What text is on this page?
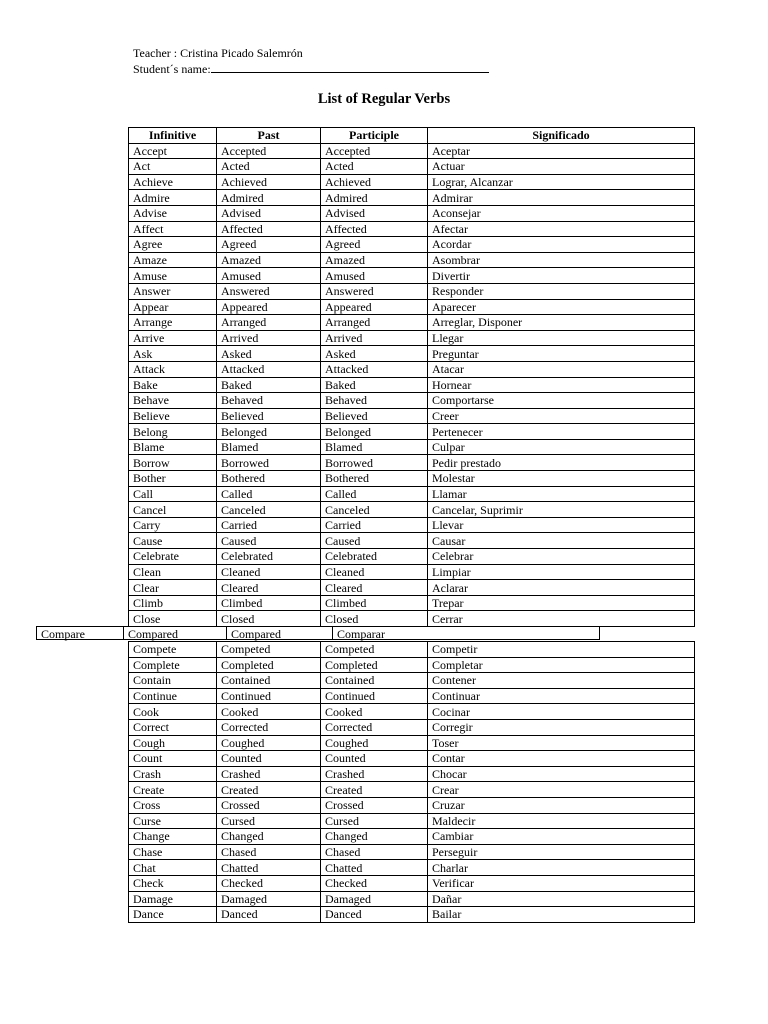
Teacher : Cristina Picado Salemrón
Student´s name:
List of Regular Verbs
Infinitive	Past	Participle	Significado
Accept	Accepted	Accepted	Aceptar
Act	Acted	Acted	Actuar
Achieve	Achieved	Achieved	Lograr, Alcanzar
Admire	Admired	Admired	Admirar
Advise	Advised	Advised	Aconsejar
Affect	Affected	Affected	Afectar
Agree	Agreed	Agreed	Acordar
Amaze	Amazed	Amazed	Asombrar
Amuse	Amused	Amused	Divertir
Answer	Answered	Answered	Responder
Appear	Appeared	Appeared	Aparecer
Arrange	Arranged	Arranged	Arreglar, Disponer
Arrive	Arrived	Arrived	Llegar
Ask	Asked	Asked	Preguntar
Attack	Attacked	Attacked	Atacar
Bake	Baked	Baked	Hornear
Behave	Behaved	Behaved	Comportarse
Believe	Believed	Believed	Creer
Belong	Belonged	Belonged	Pertenecer
Blame	Blamed	Blamed	Culpar
Borrow	Borrowed	Borrowed	Pedir prestado
Bother	Bothered	Bothered	Molestar
Call	Called	Called	Llamar
Cancel	Canceled	Canceled	Cancelar, Suprimir
Carry	Carried	Carried	Llevar
Cause	Caused	Caused	Causar
Celebrate	Celebrated	Celebrated	Celebrar
Clean	Cleaned	Cleaned	Limpiar
Clear	Cleared	Cleared	Aclarar
Climb	Climbed	Climbed	Trepar
Close	Closed	Closed	Cerrar
Compare	Compared	Compared	Comparar
Compete	Competed	Competed	Competir
Complete	Completed	Completed	Completar
Contain	Contained	Contained	Contener
Continue	Continued	Continued	Continuar
Cook	Cooked	Cooked	Cocinar
Correct	Corrected	Corrected	Corregir
Cough	Coughed	Coughed	Toser
Count	Counted	Counted	Contar
Crash	Crashed	Crashed	Chocar
Create	Created	Created	Crear
Cross	Crossed	Crossed	Cruzar
Curse	Cursed	Cursed	Maldecir
Change	Changed	Changed	Cambiar
Chase	Chased	Chased	Perseguir
Chat	Chatted	Chatted	Charlar
Check	Checked	Checked	Verificar
Damage	Damaged	Damaged	Dañar
Dance	Danced	Danced	Bailar
